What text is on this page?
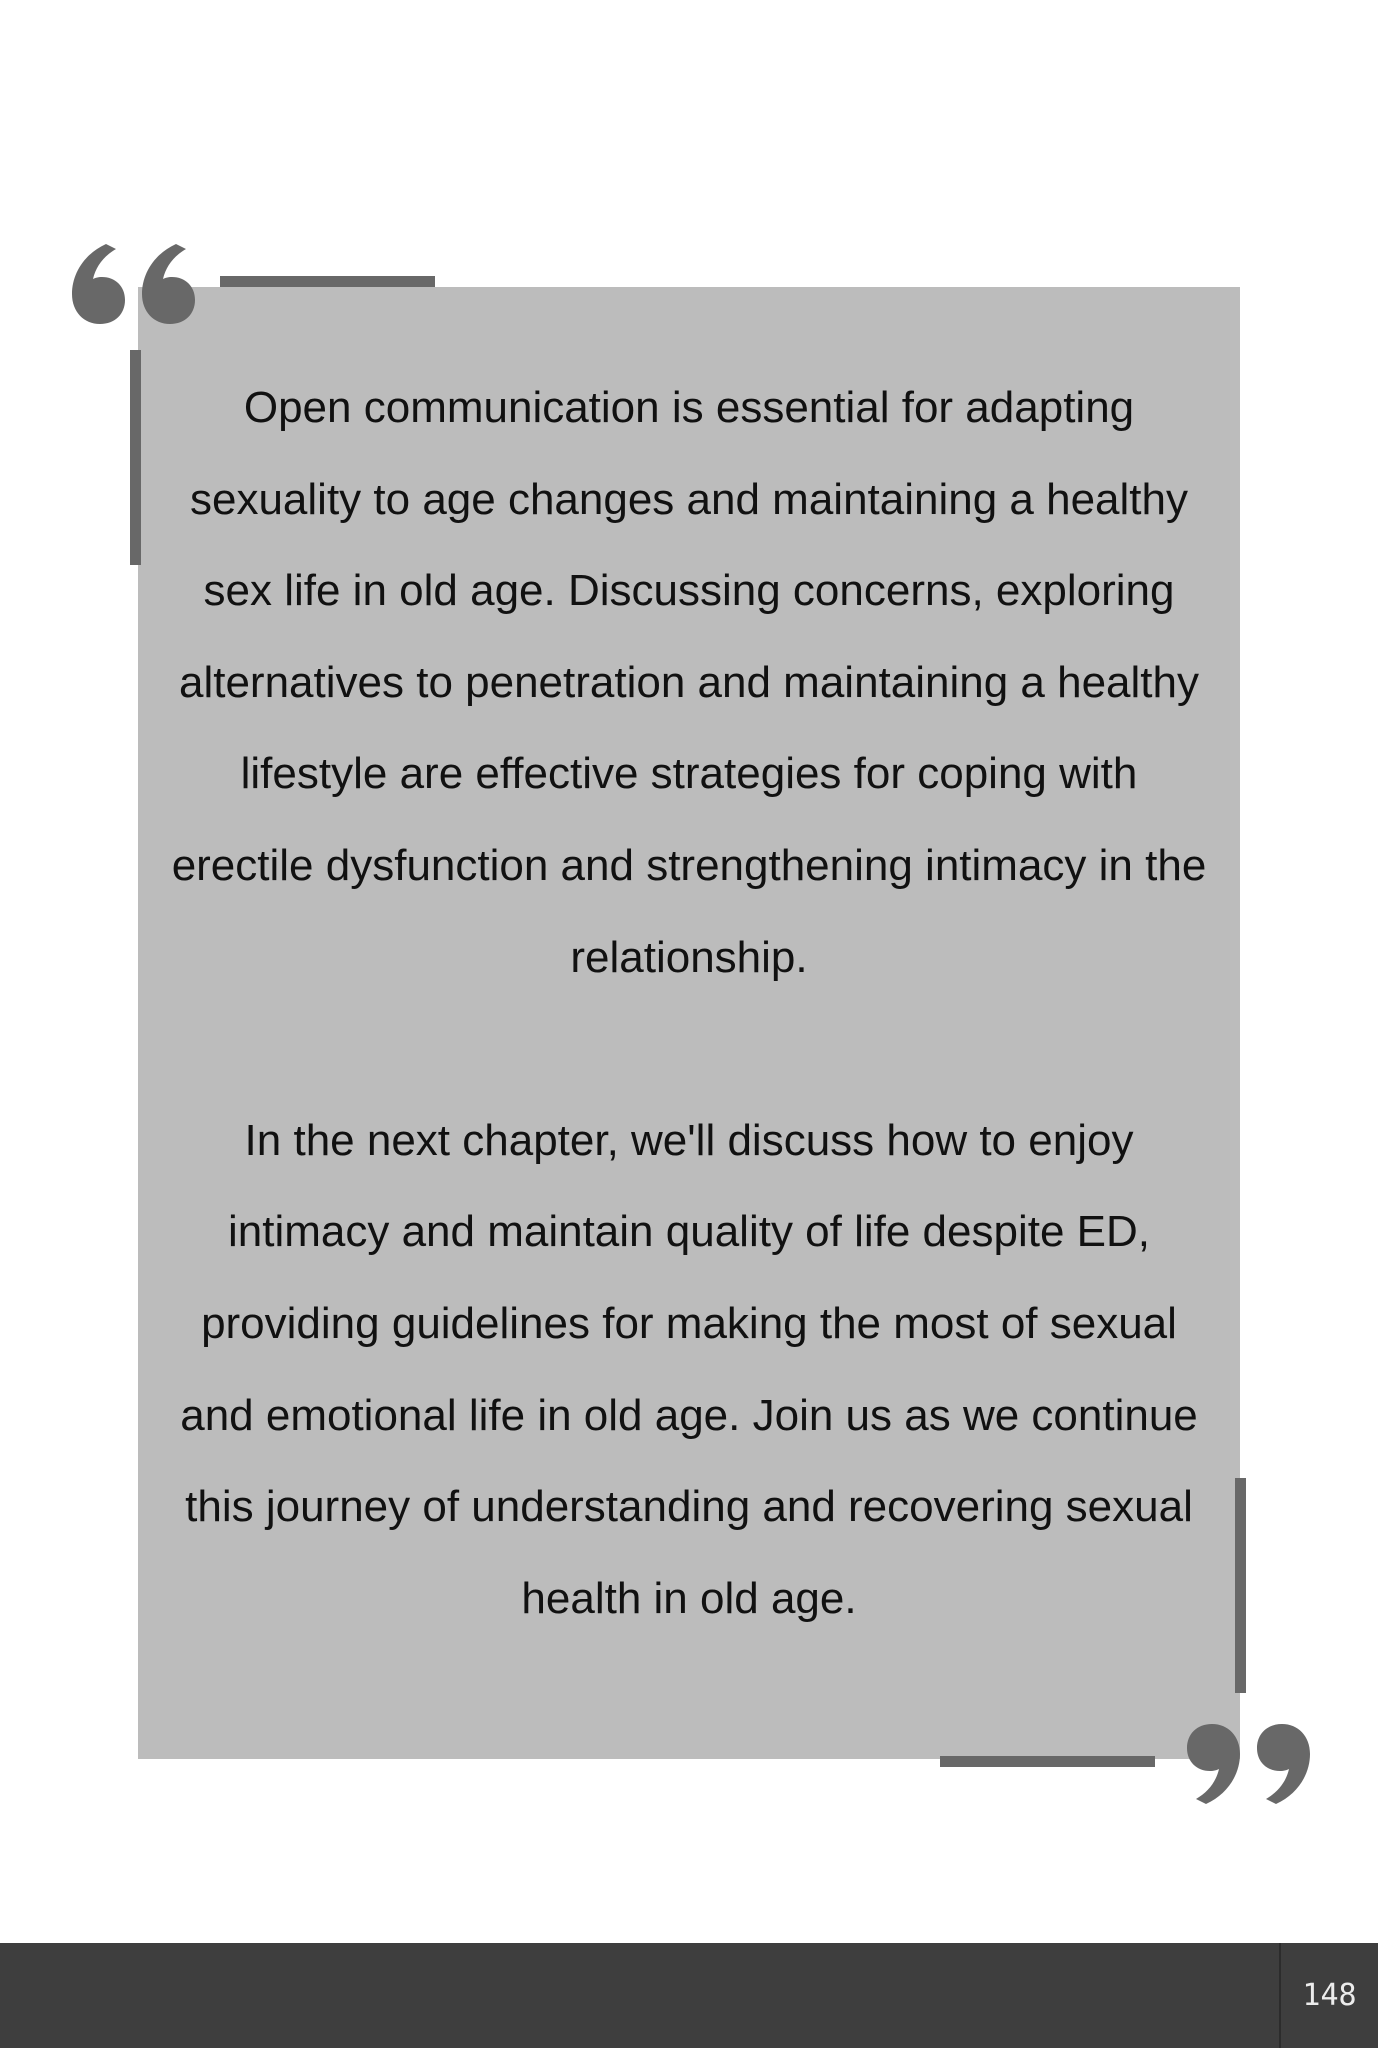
Open communication is essential for adapting sexuality to age changes and maintaining a healthy sex life in old age. Discussing concerns, exploring alternatives to penetration and maintaining a healthy lifestyle are effective strategies for coping with erectile dysfunction and strengthening intimacy in the relationship.

In the next chapter, we'll discuss how to enjoy intimacy and maintain quality of life despite ED, providing guidelines for making the most of sexual and emotional life in old age. Join us as we continue this journey of understanding and recovering sexual health in old age.

148
